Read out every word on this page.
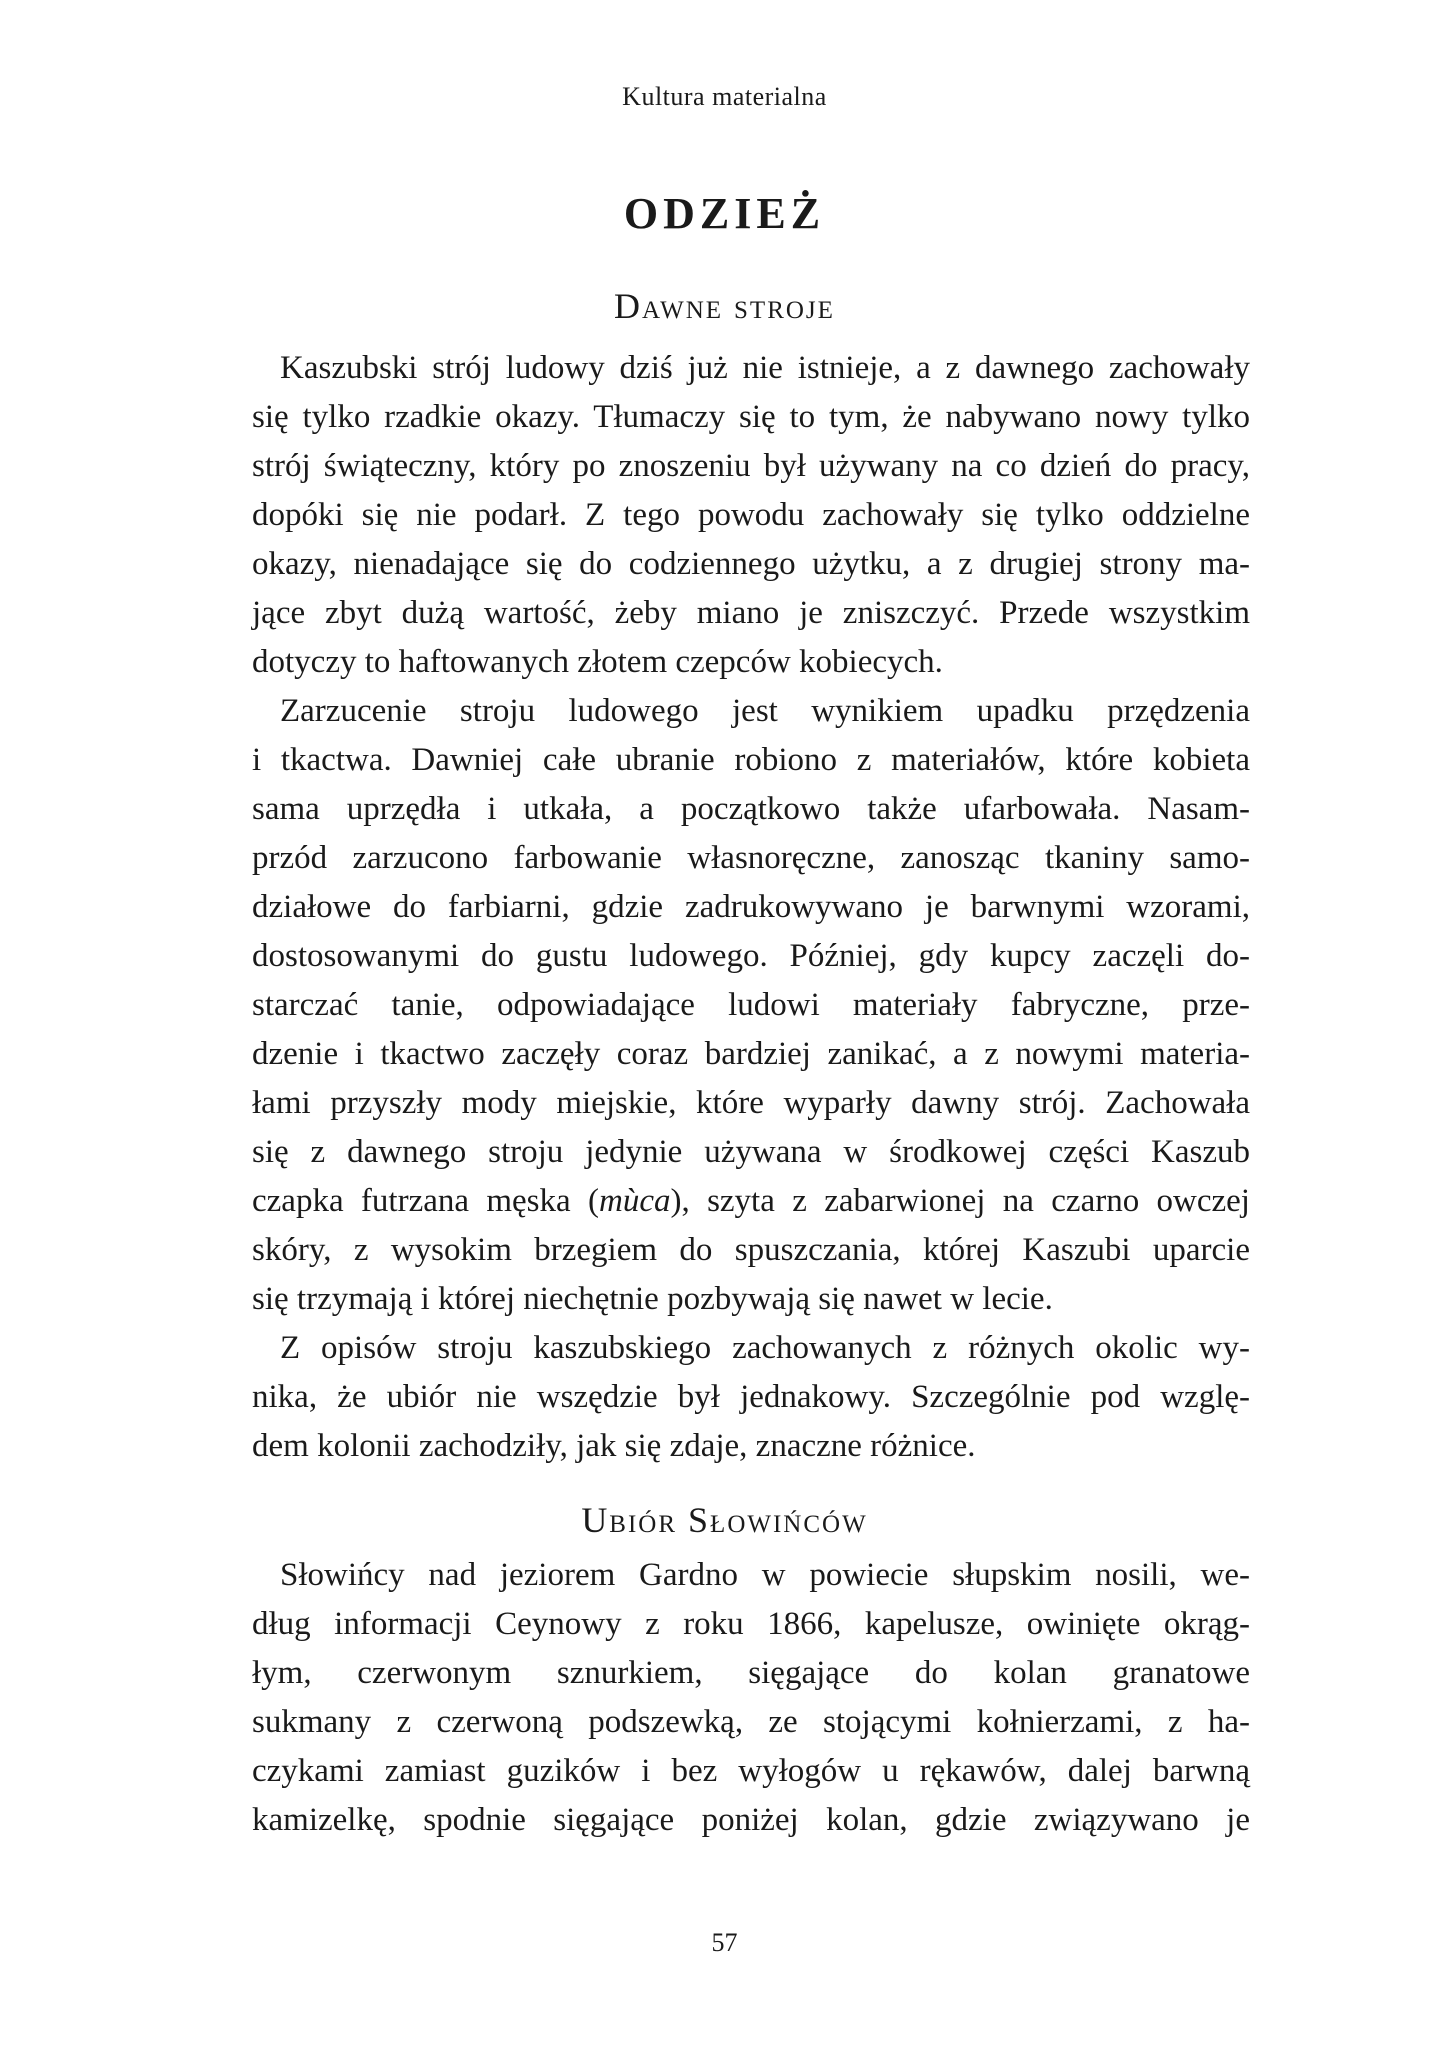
Kultura materialna
ODZIEŻ
Dawne stroje
Kaszubski strój ludowy dziś już nie istnieje, a z dawnego zachowały
się tylko rzadkie okazy. Tłumaczy się to tym, że nabywano nowy tylko
strój świąteczny, który po znoszeniu był używany na co dzień do pracy,
dopóki się nie podarł. Z tego powodu zachowały się tylko oddzielne
okazy, nienadające się do codziennego użytku, a z drugiej strony ma-
jące zbyt dużą wartość, żeby miano je zniszczyć. Przede wszystkim
dotyczy to haftowanych złotem czepców kobiecych.
Zarzucenie stroju ludowego jest wynikiem upadku przędzenia
i tkactwa. Dawniej całe ubranie robiono z materiałów, które kobieta
sama uprzędła i utkała, a początkowo także ufarbowała. Nasam-
przód zarzucono farbowanie własnoręczne, zanosząc tkaniny samo-
działowe do farbiarni, gdzie zadrukowywano je barwnymi wzorami,
dostosowanymi do gustu ludowego. Później, gdy kupcy zaczęli do-
starczać tanie, odpowiadające ludowi materiały fabryczne, prze-
dzenie i tkactwo zaczęły coraz bardziej zanikać, a z nowymi materia-
łami przyszły mody miejskie, które wyparły dawny strój. Zachowała
się z dawnego stroju jedynie używana w środkowej części Kaszub
czapka futrzana męska (mùca), szyta z zabarwionej na czarno owczej
skóry, z wysokim brzegiem do spuszczania, której Kaszubi uparcie
się trzymają i której niechętnie pozbywają się nawet w lecie.
Z opisów stroju kaszubskiego zachowanych z różnych okolic wy-
nika, że ubiór nie wszędzie był jednakowy. Szczególnie pod wzglę-
dem kolonii zachodziły, jak się zdaje, znaczne różnice.
Ubiór Słowińców
Słowińcy nad jeziorem Gardno w powiecie słupskim nosili, we-
dług informacji Ceynowy z roku 1866, kapelusze, owinięte okrąg-
łym, czerwonym sznurkiem, sięgające do kolan granatowe
sukmany z czerwoną podszewką, ze stojącymi kołnierzami, z ha-
czykami zamiast guzików i bez wyłogów u rękawów, dalej barwną
kamizelkę, spodnie sięgające poniżej kolan, gdzie związywano je
57
